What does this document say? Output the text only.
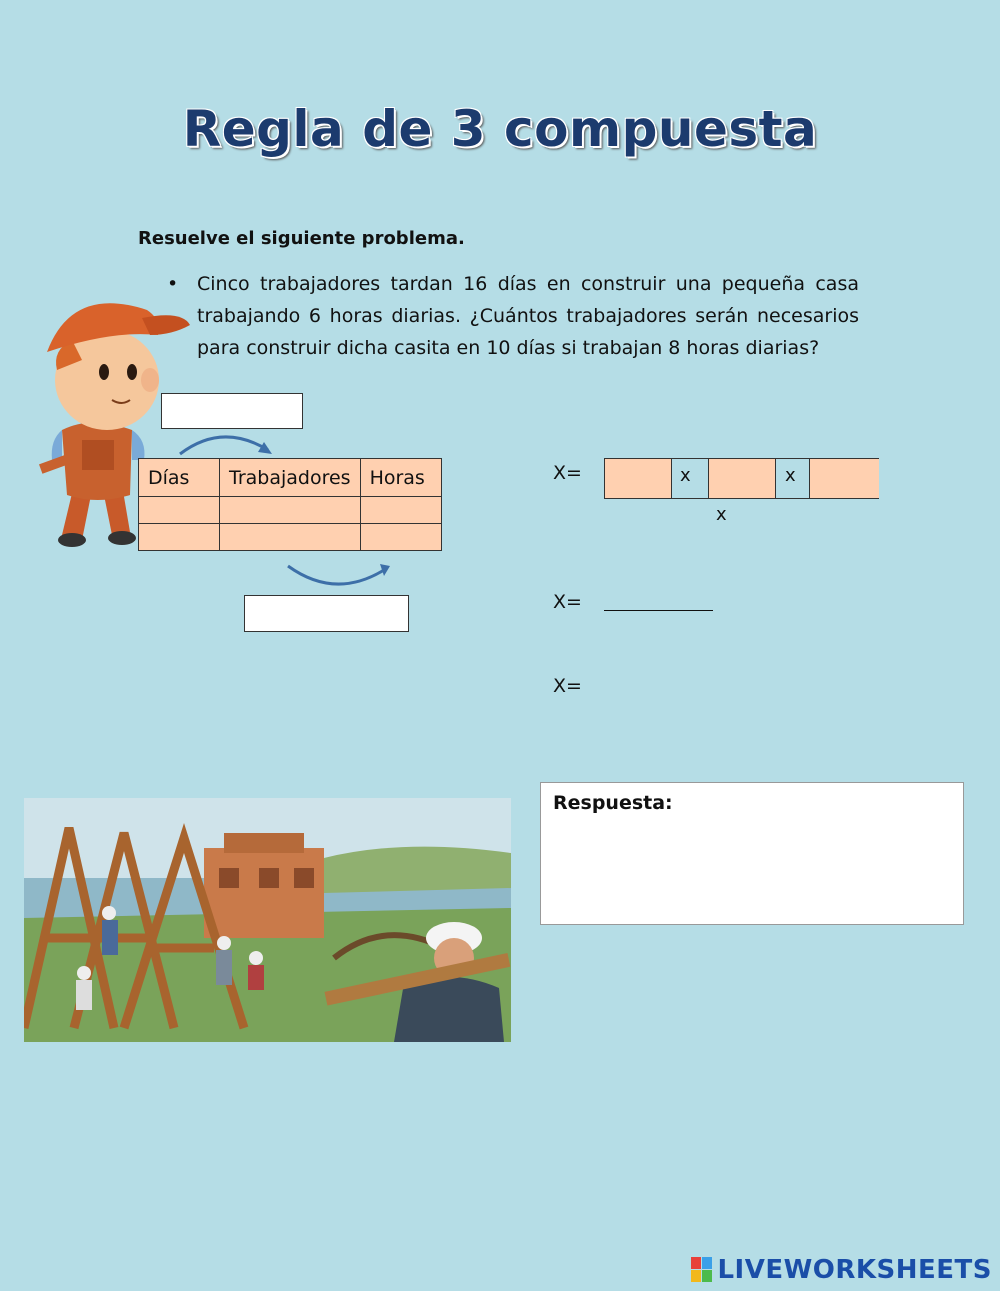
Regla de 3 compuesta
Resuelve el siguiente problema.
• Cinco trabajadores tardan 16 días en construir una pequeña casa trabajando 6 horas diarias. ¿Cuántos trabajadores serán necesarios para construir dicha casita en 10 días si trabajan 8 horas diarias?
Días	Trabajadores	Horas

			X=	x	x
x
X=
X=
Respuesta:
LIVEWORKSHEETS
